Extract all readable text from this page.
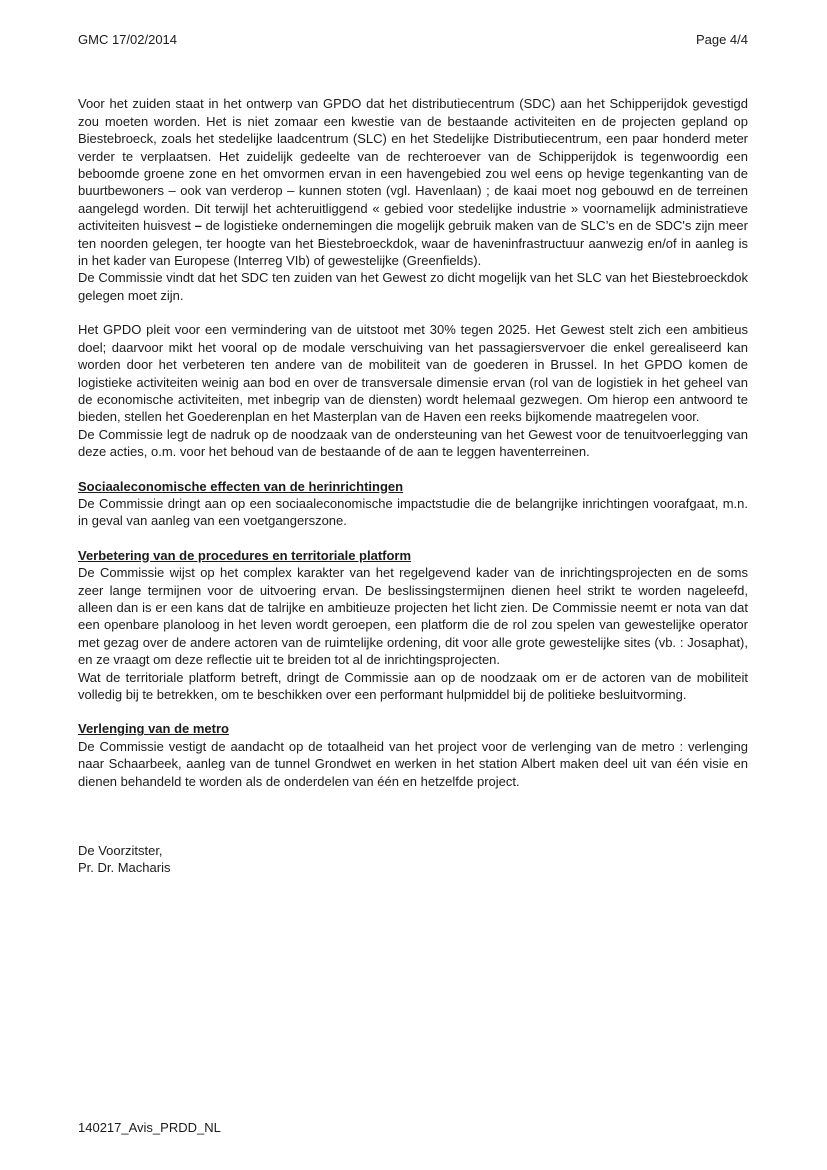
GMC 17/02/2014	Page 4/4

Voor het zuiden staat in het ontwerp van GPDO dat het distributiecentrum (SDC) aan het Schipperijdok gevestigd zou moeten worden. Het is niet zomaar een kwestie van de bestaande activiteiten en de projecten gepland op Biestebroeck, zoals het stedelijke laadcentrum (SLC) en het Stedelijke Distributiecentrum, een paar honderd meter verder te verplaatsen. Het zuidelijk gedeelte van de rechteroever van de Schipperijdok is tegenwoordig een beboomde groene zone en het omvormen ervan in een havengebied zou wel eens op hevige tegenkanting van de buurtbewoners – ook van verderop – kunnen stoten (vgl. Havenlaan) ; de kaai moet nog gebouwd en de terreinen aangelegd worden. Dit terwijl het achteruitliggend « gebied voor stedelijke industrie » voornamelijk administratieve activiteiten huisvest – de logistieke ondernemingen die mogelijk gebruik maken van de SLC’s en de SDC's zijn meer ten noorden gelegen, ter hoogte van het Biestebroeckdok, waar de haveninfrastructuur aanwezig en/of in aanleg is in het kader van Europese (Interreg VIb) of gewestelijke (Greenfields).

De Commissie vindt dat het SDC ten zuiden van het Gewest zo dicht mogelijk van het SLC van het Biestebroeckdok gelegen moet zijn.

Het GPDO pleit voor een vermindering van de uitstoot met 30% tegen 2025. Het Gewest stelt zich een ambitieus doel; daarvoor mikt het vooral op de modale verschuiving van het passagiersvervoer die enkel gerealiseerd kan worden door het verbeteren ten andere van de mobiliteit van de goederen in Brussel. In het GPDO komen de logistieke activiteiten weinig aan bod en over de transversale dimensie ervan (rol van de logistiek in het geheel van de economische activiteiten, met inbegrip van de diensten) wordt helemaal gezwegen. Om hierop een antwoord te bieden, stellen het Goederenplan en het Masterplan van de Haven een reeks bijkomende maatregelen voor.

De Commissie legt de nadruk op de noodzaak van de ondersteuning van het Gewest voor de tenuitvoerlegging van deze acties, o.m. voor het behoud van de bestaande of de aan te leggen haventerreinen.

Sociaaleconomische effecten van de herinrichtingen

De Commissie dringt aan op een sociaaleconomische impactstudie die de belangrijke inrichtingen voorafgaat, m.n. in geval van aanleg van een voetgangerszone.

Verbetering van de procedures en territoriale platform

De Commissie wijst op het complex karakter van het regelgevend kader van de inrichtingsprojecten en de soms zeer lange termijnen voor de uitvoering ervan. De beslissingstermijnen dienen heel strikt te worden nageleefd, alleen dan is er een kans dat de talrijke en ambitieuze projecten het licht zien. De Commissie neemt er nota van dat een openbare planoloog in het leven wordt geroepen, een platform die de rol zou spelen van gewestelijke operator met gezag over de andere actoren van de ruimtelijke ordening, dit voor alle grote gewestelijke sites (vb. : Josaphat), en ze vraagt om deze reflectie uit te breiden tot al de inrichtingsprojecten.

Wat de territoriale platform betreft, dringt de Commissie aan op de noodzaak om er de actoren van de mobiliteit volledig bij te betrekken, om te beschikken over een performant hulpmiddel bij de politieke besluitvorming.

Verlenging van de metro

De Commissie vestigt de aandacht op de totaalheid van het project voor de verlenging van de metro : verlenging naar Schaarbeek, aanleg van de tunnel Grondwet en werken in het station Albert maken deel uit van één visie en dienen behandeld te worden als de onderdelen van één en hetzelfde project.

De Voorzitster,

Pr. Dr. Macharis

140217_Avis_PRDD_NL
